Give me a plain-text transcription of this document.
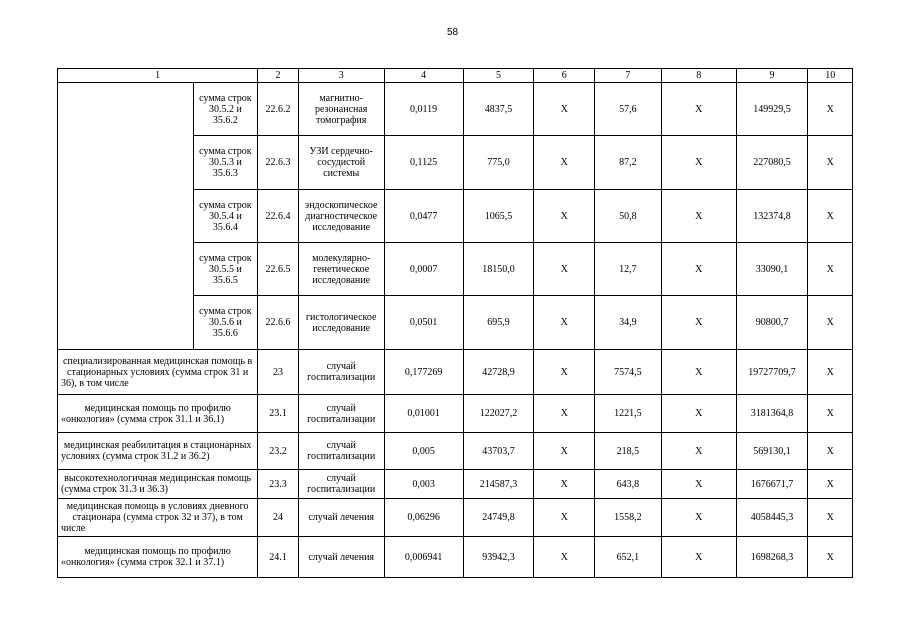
58
1		2	3	4	5	6	7	8	9	10
	сумма строк 30.5.2 и 35.6.2	22.6.2	магнитно-резонансная томография	0,0119	4837,5	Х	57,6	Х	149929,5	Х
	сумма строк 30.5.3 и 35.6.3	22.6.3	УЗИ сердечно-сосудистой системы	0,1125	775,0	Х	87,2	Х	227080,5	Х
	сумма строк 30.5.4 и 35.6.4	22.6.4	эндоскопическое диагностическое исследование	0,0477	1065,5	Х	50,8	Х	132374,8	Х
	сумма строк 30.5.5 и 35.6.5	22.6.5	молекулярно-генетическое исследование	0,0007	18150,0	Х	12,7	Х	33090,1	Х
	сумма строк 30.5.6 и 35.6.6	22.6.6	гистологическое исследование	0,0501	695,9	Х	34,9	Х	90800,7	Х
специализированная медицинская помощь в стационарных условиях (сумма строк 31 и 36), в том числе		23	случай госпитализации	0,177269	42728,9	Х	7574,5	Х	19727709,7	Х
медицинская помощь по профилю «онкология» (сумма строк 31.1 и 36.1)		23.1	случай госпитализации	0,01001	122027,2	Х	1221,5	Х	3181364,8	Х
медицинская реабилитация в стационарных условиях (сумма строк 31.2 и 36.2)		23.2	случай госпитализации	0,005	43703,7	Х	218,5	Х	569130,1	Х
высокотехнологичная медицинская помощь (сумма строк 31.3 и 36.3)		23.3	случай госпитализации	0,003	214587,3	Х	643,8	Х	1676671,7	Х
медицинская помощь в условиях дневного стационара (сумма строк 32 и 37), в том числе		24	случай лечения	0,06296	24749,8	Х	1558,2	Х	4058445,3	Х
медицинская помощь по профилю «онкология» (сумма строк 32.1 и 37.1)		24.1	случай лечения	0,006941	93942,3	Х	652,1	Х	1698268,3	Х
